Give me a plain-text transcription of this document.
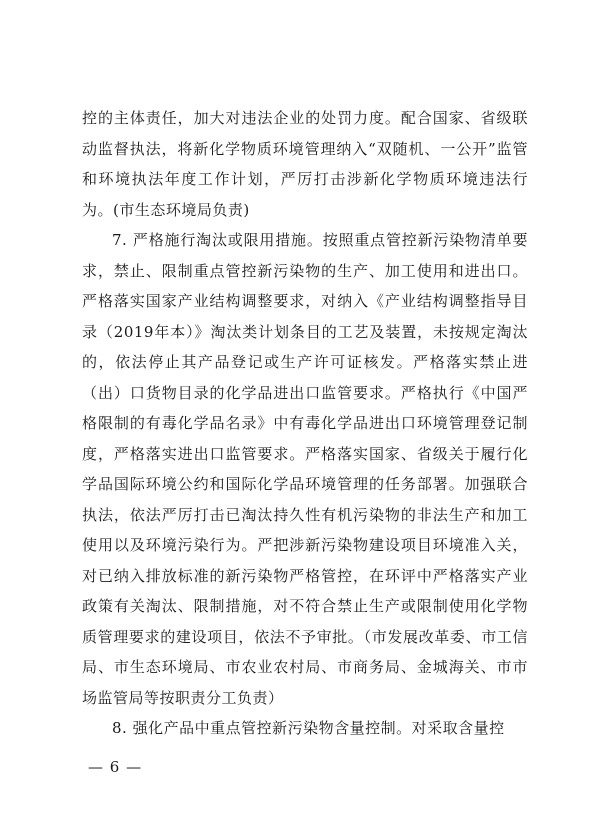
控的主体责任，加大对违法企业的处罚力度。配合国家、省级联动监督执法，将新化学物质环境管理纳入“双随机、一公开”监管和环境执法年度工作计划，严厉打击涉新化学物质环境违法行为。(市生态环境局负责)

7. 严格施行淘汰或限用措施。按照重点管控新污染物清单要求，禁止、限制重点管控新污染物的生产、加工使用和进出口。严格落实国家产业结构调整要求，对纳入《产业结构调整指导目录（2019年本）》淘汰类计划条目的工艺及装置，未按规定淘汰的，依法停止其产品登记或生产许可证核发。严格落实禁止进（出）口货物目录的化学品进出口监管要求。严格执行《中国严格限制的有毒化学品名录》中有毒化学品进出口环境管理登记制度，严格落实进出口监管要求。严格落实国家、省级关于履行化学品国际环境公约和国际化学品环境管理的任务部署。加强联合执法，依法严厉打击已淘汰持久性有机污染物的非法生产和加工使用以及环境污染行为。严把涉新污染物建设项目环境准入关，对已纳入排放标准的新污染物严格管控，在环评中严格落实产业政策有关淘汰、限制措施，对不符合禁止生产或限制使用化学物质管理要求的建设项目，依法不予审批。（市发展改革委、市工信局、市生态环境局、市农业农村局、市商务局、金城海关、市市场监管局等按职责分工负责）

8. 强化产品中重点管控新污染物含量控制。对采取含量控

— 6 —
